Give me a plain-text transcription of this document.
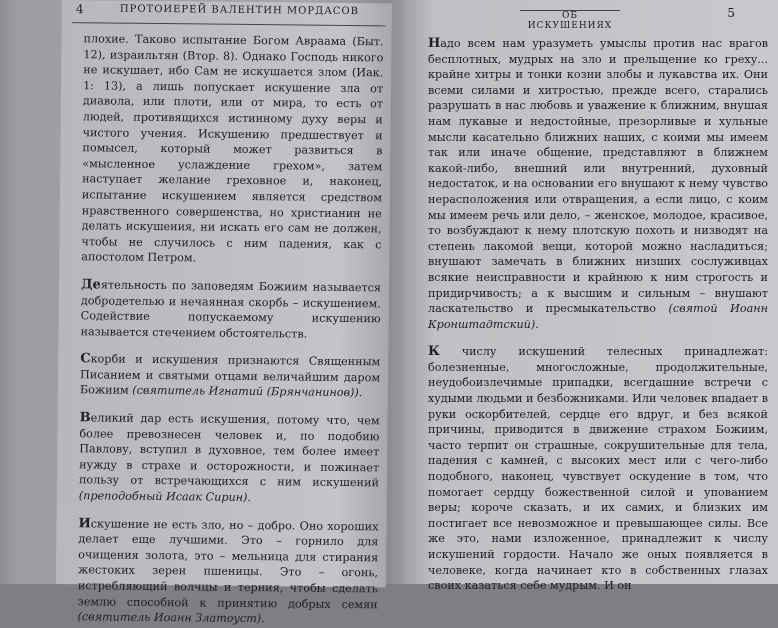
4	ПРОТОИЕРЕЙ ВАЛЕНТИН МОРДАСОВ

плохие. Таково испытание Богом Авраама (Быт. 12), израильтян (Втор. 8). Однако Господь никого не искушает, ибо Сам не искушается злом (Иак. 1: 13), а лишь попускает искушение зла от диавола, или плоти, или от мира, то есть от людей, противящихся истинному духу веры и чистого учения. Искушению предшествует и помысел, который может развиться в «мысленное услаждение грехом», затем наступает желание греховное и, наконец, испытание искушением является средством нравственного совершенства, но христианин не делать искушения, ни искать его сам не должен, чтобы не случилось с ним падения, как с апостолом Петром.

Деятельность по заповедям Божиим называется добродетелью и нечаянная скорбь – искушением. Содействие попускаемому искушению называется стечением обстоятельств.

Скорби и искушения признаются Священным Писанием и святыми отцами величайшим даром Божиим (святитель Игнатий (Брянчанинов)).

Великий дар есть искушения, потому что, чем более превознесен человек и, по подобию Павлову, вступил в духовное, тем более имеет нужду в страхе и осторожности, и пожинает пользу от встречающихся с ним искушений (преподобный Исаак Сирин).

Искушение не есть зло, но – добро. Оно хороших делает еще лучшими. Это – горнило для очищения золота, это – мельница для стирания жестоких зерен пшеницы. Это – огонь, истребляющий волчцы и терния, чтобы сделать землю способной к принятию добрых семян (святитель Иоанн Златоуст).

ОБ ИСКУШЕНИЯХ
5

Надо всем нам уразуметь умыслы против нас врагов бесплотных, мудрых на зло и прельщение ко греху... крайне хитры и тонки козни злобы и лукавства их. Они всеми силами и хитростью, прежде всего, старались разрушать в нас любовь и уважение к ближним, внушая нам лукавые и недостойные, презорливые и хульные мысли касательно ближних наших, с коими мы имеем так или иначе общение, представляют в ближнем какой-либо, внешний или внутренний, духовный недостаток, и на основании его внушают к нему чувство нерасположения или отвращения, а если лицо, с коим мы имеем речь или дело, – женское, молодое, красивое, то возбуждают к нему плотскую похоть и низводят на степень лакомой вещи, которой можно насладиться; внушают замечать в ближних низших сослуживцах всякие неисправности и крайнюю к ним строгость и придирчивость; а к высшим и сильным – внушают ласкательство и пресмыкательство (святой Иоанн Кронштадтский).

К числу искушений телесных принадлежат: болезненные, многосложные, продолжительные, неудобоизлечимые припадки, всегдашние встречи с худыми людьми и безбожниками. Или человек впадает в руки оскорбителей, сердце его вдруг, и без всякой причины, приводится в движение страхом Божиим, часто терпит он страшные, сокрушительные для тела, падения с камней, с высоких мест или с чего-либо подобного, наконец, чувствует оскудение в том, что помогает сердцу божественной силой и упованием веры; короче сказать, и их самих, и близких им постигает все невозможное и превышающее силы. Все же это, нами изложенное, принадлежит к числу искушений гордости. Начало же оных появляется в человеке, когда начинает кто в собственных глазах своих казаться себе мудрым. И он
